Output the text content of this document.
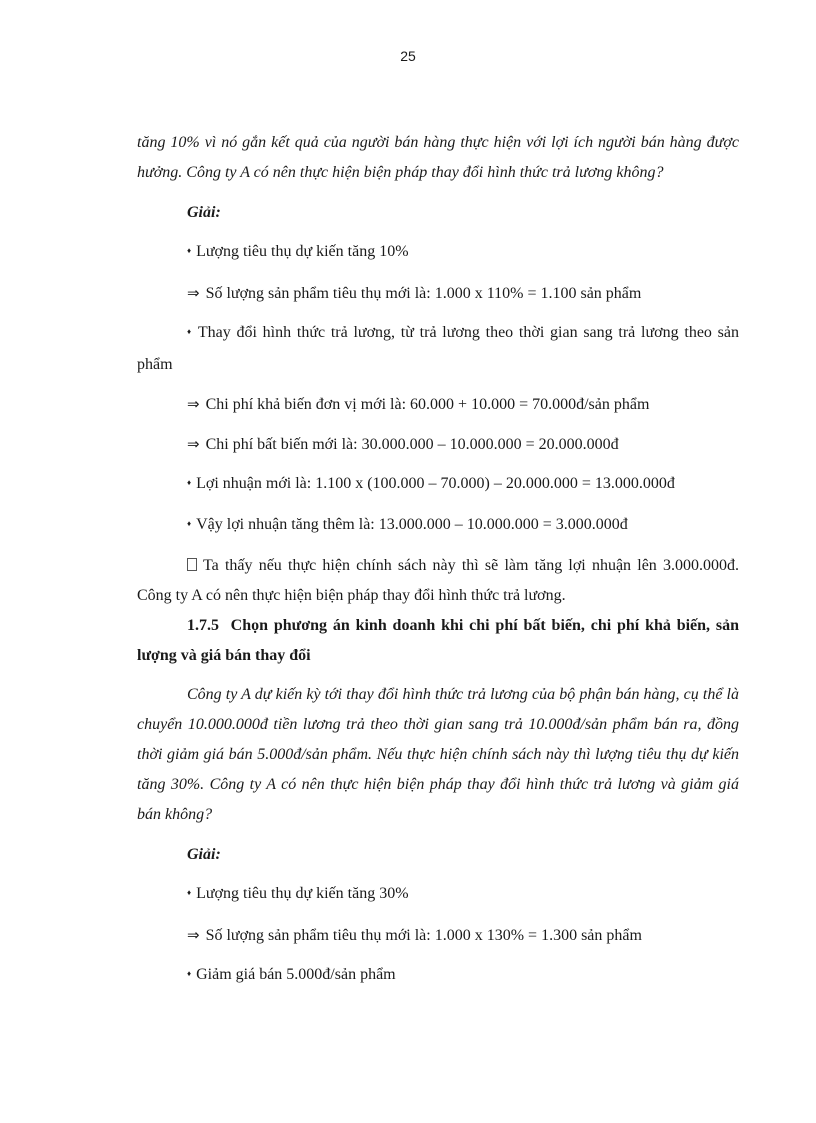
25

tăng 10% vì nó gắn kết quả của người bán hàng thực hiện với lợi ích người bán hàng được hưởng. Công ty A có nên thực hiện biện pháp thay đổi hình thức trả lương không?

Giải:

♦ Lượng tiêu thụ dự kiến tăng 10%

⇒ Số lượng sản phẩm tiêu thụ mới là: 1.000 x 110% = 1.100 sản phẩm

♦ Thay đổi hình thức trả lương, từ trả lương theo thời gian sang trả lương theo sản phẩm

⇒ Chi phí khả biến đơn vị mới là: 60.000 + 10.000 = 70.000đ/sản phẩm

⇒ Chi phí bất biến mới là: 30.000.000 – 10.000.000 = 20.000.000đ

♦ Lợi nhuận mới là: 1.100 x (100.000 – 70.000) – 20.000.000 = 13.000.000đ

♦ Vậy lợi nhuận tăng thêm là: 13.000.000 – 10.000.000 = 3.000.000đ

Ta thấy nếu thực hiện chính sách này thì sẽ làm tăng lợi nhuận lên 3.000.000đ. Công ty A có nên thực hiện biện pháp thay đổi hình thức trả lương.

1.7.5 Chọn phương án kinh doanh khi chi phí bất biến, chi phí khả biến, sản lượng và giá bán thay đổi

Công ty A dự kiến kỳ tới thay đổi hình thức trả lương của bộ phận bán hàng, cụ thể là chuyển 10.000.000đ tiền lương trả theo thời gian sang trả 10.000đ/sản phẩm bán ra, đồng thời giảm giá bán 5.000đ/sản phẩm. Nếu thực hiện chính sách này thì lượng tiêu thụ dự kiến tăng 30%. Công ty A có nên thực hiện biện pháp thay đổi hình thức trả lương và giảm giá bán không?

Giải:

♦ Lượng tiêu thụ dự kiến tăng 30%

⇒ Số lượng sản phẩm tiêu thụ mới là: 1.000 x 130% = 1.300 sản phẩm

♦ Giảm giá bán 5.000đ/sản phẩm
